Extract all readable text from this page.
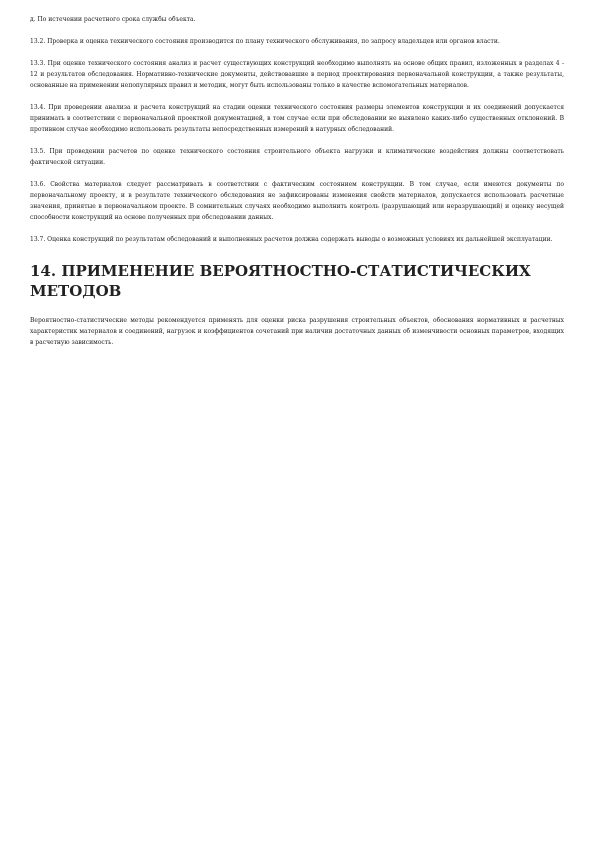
д. По истечении расчетного срока службы объекта.

13.2. Проверка и оценка технического состояния производится по плану технического обслуживания, по запросу владельцев или органов власти.

13.3. При оценке технического состояния анализ и расчет существующих конструкций необходимо выполнять на основе общих правил, изложенных в разделах 4 - 12 и результатов обследования. Нормативно-технические документы, действовавшие в период проектирования первоначальной конструкции, а также результаты, основанные на применении непопулярных правил и методик, могут быть использованы только в качестве вспомогательных материалов.

13.4. При проведении анализа и расчета конструкций на стадии оценки технического состояния размеры элементов конструкции и их соединений допускается принимать в соответствии с первоначальной проектной документацией, в том случае если при обследовании не выявлено каких-либо существенных отклонений. В противном случае необходимо использовать результаты непосредственных измерений в натурных обследований.

13.5. При проведении расчетов по оценке технического состояния строительного объекта нагрузки и климатические воздействия должны соответствовать фактической ситуации.

13.6. Свойства материалов следует рассматривать в соответствии с фактическим состоянием конструкции. В том случае, если имеются документы по первоначальному проекту, и в результате технического обследования не зафиксированы изменения свойств материалов, допускается использовать расчетные значения, принятые в первоначальном проекте. В сомнительных случаях необходимо выполнить контроль (разрушающий или неразрушающий) и оценку несущей способности конструкций на основе полученных при обследовании данных.

13.7. Оценка конструкций по результатам обследований и выполненных расчетов должна содержать выводы о возможных условиях их дальнейшей эксплуатации.

14. ПРИМЕНЕНИЕ ВЕРОЯТНОСТНО-СТАТИСТИЧЕСКИХ МЕТОДОВ

Вероятностно-статистические методы рекомендуется применять для оценки риска разрушения строительных объектов, обоснования нормативных и расчетных характеристик материалов и соединений, нагрузок и коэффициентов сочетаний при наличии достаточных данных об изменчивости основных параметров, входящих в расчетную зависимость.
